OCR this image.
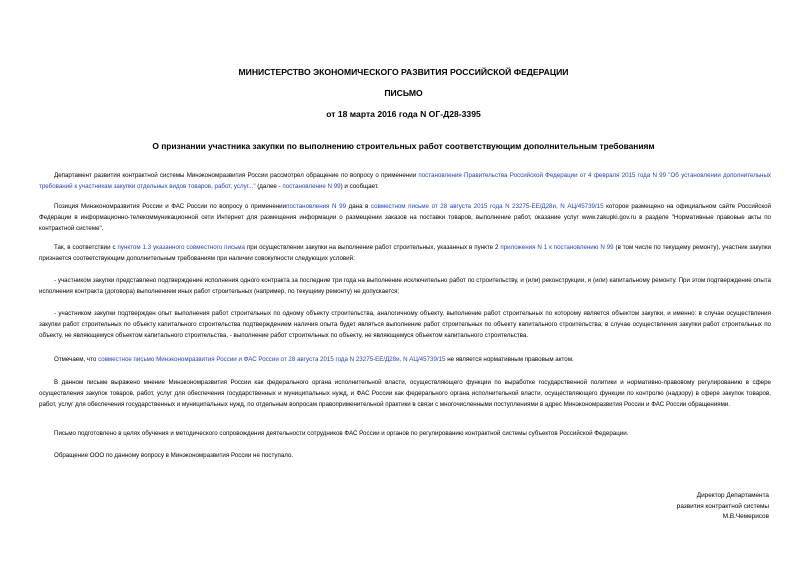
МИНИСТЕРСТВО ЭКОНОМИЧЕСКОГО РАЗВИТИЯ РОССИЙСКОЙ ФЕДЕРАЦИИ
ПИСЬМО
от 18 марта 2016 года N ОГ-Д28-3395
О признании участника закупки по выполнению строительных работ соответствующим дополнительным требованиям

Департамент развития контрактной системы Минэкономразвития России рассмотрел обращение по вопросу о применении постановления Правительства Российской Федерации от 4 февраля 2015 года N 99 "Об установлении дополнительных требований к участникам закупки отдельных видов товаров, работ, услуг..." (далее - постановление N 99) и сообщает.

Позиция Минэкономразвития России и ФАС России по вопросу о применениипостановления N 99 дана в совместном письме от 28 августа 2015 года N 23275-ЕЕ/Д28и, N АЦ/45739/15 которое размещено на официальном сайте Российской Федерации в информационно-телекоммуникационной сети Интернет для размещения информации о размещении заказов на поставки товаров, выполнение работ, оказание услуг www.zakupki.gov.ru в разделе "Нормативные правовые акты по контрактной системе".

Так, в соответствии с пунктом 1.3 указанного совместного письма при осуществлении закупки на выполнение работ строительных, указанных в пункте 2 приложения N 1 к постановлению N 99 (в том числе по текущему ремонту), участник закупки признается соответствующим дополнительным требованиям при наличии совокупности следующих условий:

- участником закупки представлено подтверждение исполнения одного контракта за последние три года на выполнение исключительно работ по строительству, и (или) реконструкции, и (или) капитальному ремонту. При этом подтверждение опыта исполнения контракта (договора) выполнением иных работ строительных (например, по текущему ремонту) не допускается;

- участником закупки подтвержден опыт выполнения работ строительных по одному объекту строительства, аналогичному объекту, выполнение работ строительных по которому является объектом закупки, и именно: в случае осуществления закупки работ строительных по объекту капитального строительства подтверждением наличия опыта будет являться выполнение работ строительных по объекту капитального строительства; в случае осуществления закупки работ строительных по объекту, не являющемуся объектом капитального строительства, - выполнение работ строительных по объекту, не являющемуся объектом капитального строительства.

Отмечаем, что совместное письмо Минэкономразвития России и ФАС России от 28 августа 2015 года N 23275-ЕЕ/Д28и, N АЦ/45739/15 не является нормативным правовым актом.

В данном письме выражено мнение Минэкономразвития России как федерального органа исполнительной власти, осуществляющего функции по выработке государственной политики и нормативно-правовому регулированию в сфере осуществления закупок товаров, работ, услуг для обеспечения государственных и муниципальных нужд, и ФАС России как федерального органа исполнительной власти, осуществляющего функции по контролю (надзору) в сфере закупок товаров, работ, услуг для обеспечения государственных и муниципальных нужд, по отдельным вопросам правоприменительной практики в связи с многочисленными поступлениями в адрес Минэкономразвития России и ФАС России обращениями.

Письмо подготовлено в целях обучения и методического сопровождения деятельности сотрудников ФАС России и органов по регулированию контрактной системы субъектов Российской Федерации.

Обращение ООО по данному вопросу в Минэкономразвития России не поступало.

Директор Департамента
развития контрактной системы
М.В.Чемерисов
